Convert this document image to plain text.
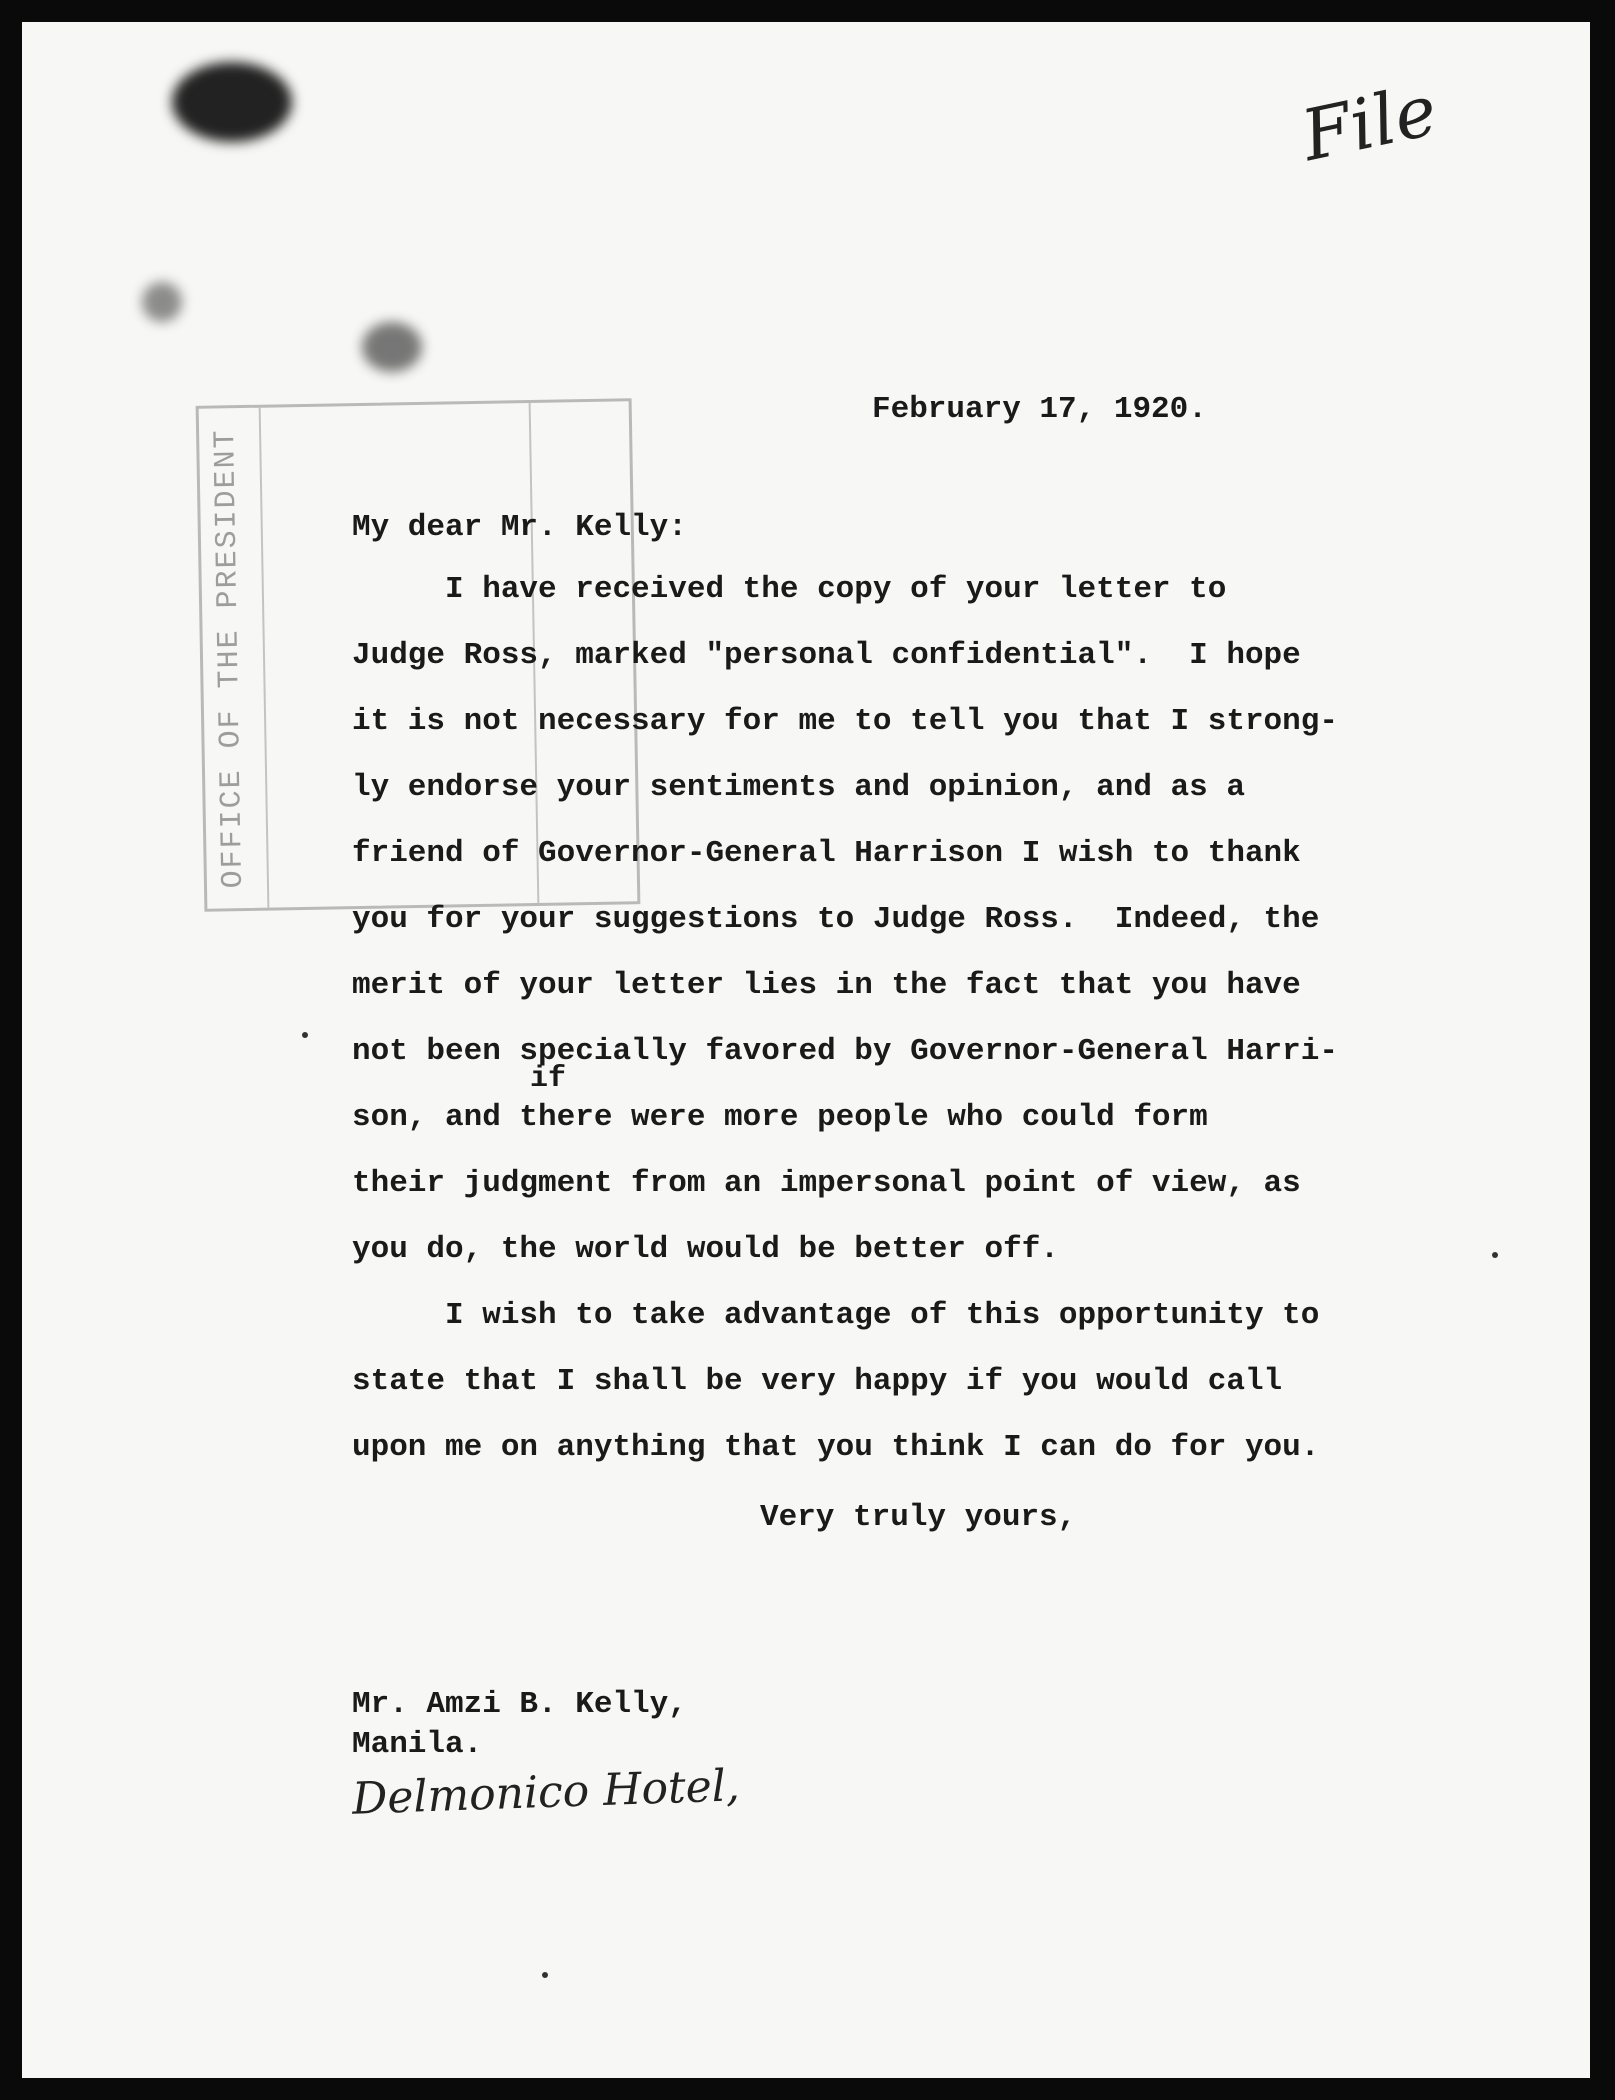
OFFICE OF THE PRESIDENT
File
February 17, 1920.
My dear Mr. Kelly:
I have received the copy of your letter to
Judge Ross, marked "personal confidential".  I hope
it is not necessary for me to tell you that I strong-
ly endorse your sentiments and opinion, and as a
friend of Governor-General Harrison I wish to thank
you for your suggestions to Judge Ross.  Indeed, the
merit of your letter lies in the fact that you have
not been specially favored by Governor-General Harri-
if
son, and there were more people who could form
their judgment from an impersonal point of view, as
you do, the world would be better off.
I wish to take advantage of this opportunity to
state that I shall be very happy if you would call
upon me on anything that you think I can do for you.
Very truly yours,
Mr. Amzi B. Kelly,
Manila.
Delmonico Hotel,
